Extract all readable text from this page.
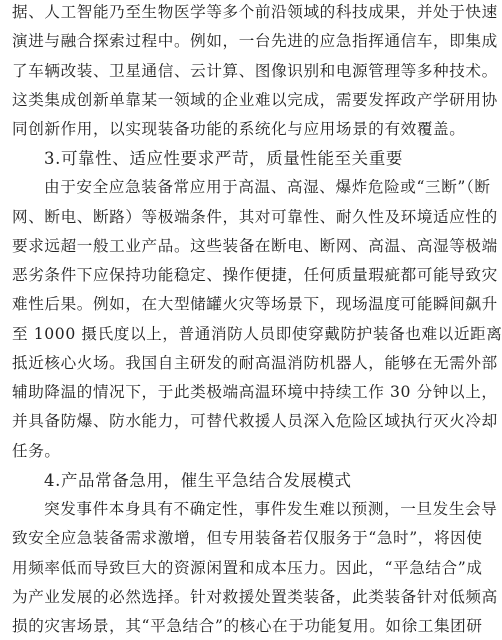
据、人工智能乃至生物医学等多个前沿领域的科技成果，并处于快速
演进与融合探索过程中。例如，一台先进的应急指挥通信车，即集成
了车辆改装、卫星通信、云计算、图像识别和电源管理等多种技术。
这类集成创新单靠某一领域的企业难以完成，需要发挥政产学研用协
同创新作用，以实现装备功能的系统化与应用场景的有效覆盖。
3.可靠性、适应性要求严苛，质量性能至关重要
由于安全应急装备常应用于高温、高湿、爆炸危险或“三断”（断
网、断电、断路）等极端条件，其对可靠性、耐久性及环境适应性的
要求远超一般工业产品。这些装备在断电、断网、高温、高湿等极端
恶劣条件下应保持功能稳定、操作便捷，任何质量瑕疵都可能导致灾
难性后果。例如，在大型储罐火灾等场景下，现场温度可能瞬间飙升
至 1000 摄氏度以上，普通消防人员即使穿戴防护装备也难以近距离
抵近核心火场。我国自主研发的耐高温消防机器人，能够在无需外部
辅助降温的情况下，于此类极端高温环境中持续工作 30 分钟以上，
并具备防爆、防水能力，可替代救援人员深入危险区域执行灭火冷却
任务。
4.产品常备急用，催生平急结合发展模式
突发事件本身具有不确定性，事件发生难以预测，一旦发生会导
致安全应急装备需求激增，但专用装备若仅服务于“急时”，将因使
用频率低而导致巨大的资源闲置和成本压力。因此，“平急结合”成
为产业发展的必然选择。针对救援处置类装备，此类装备针对低频高
损的灾害场景，其“平急结合”的核心在于功能复用。如徐工集团研
